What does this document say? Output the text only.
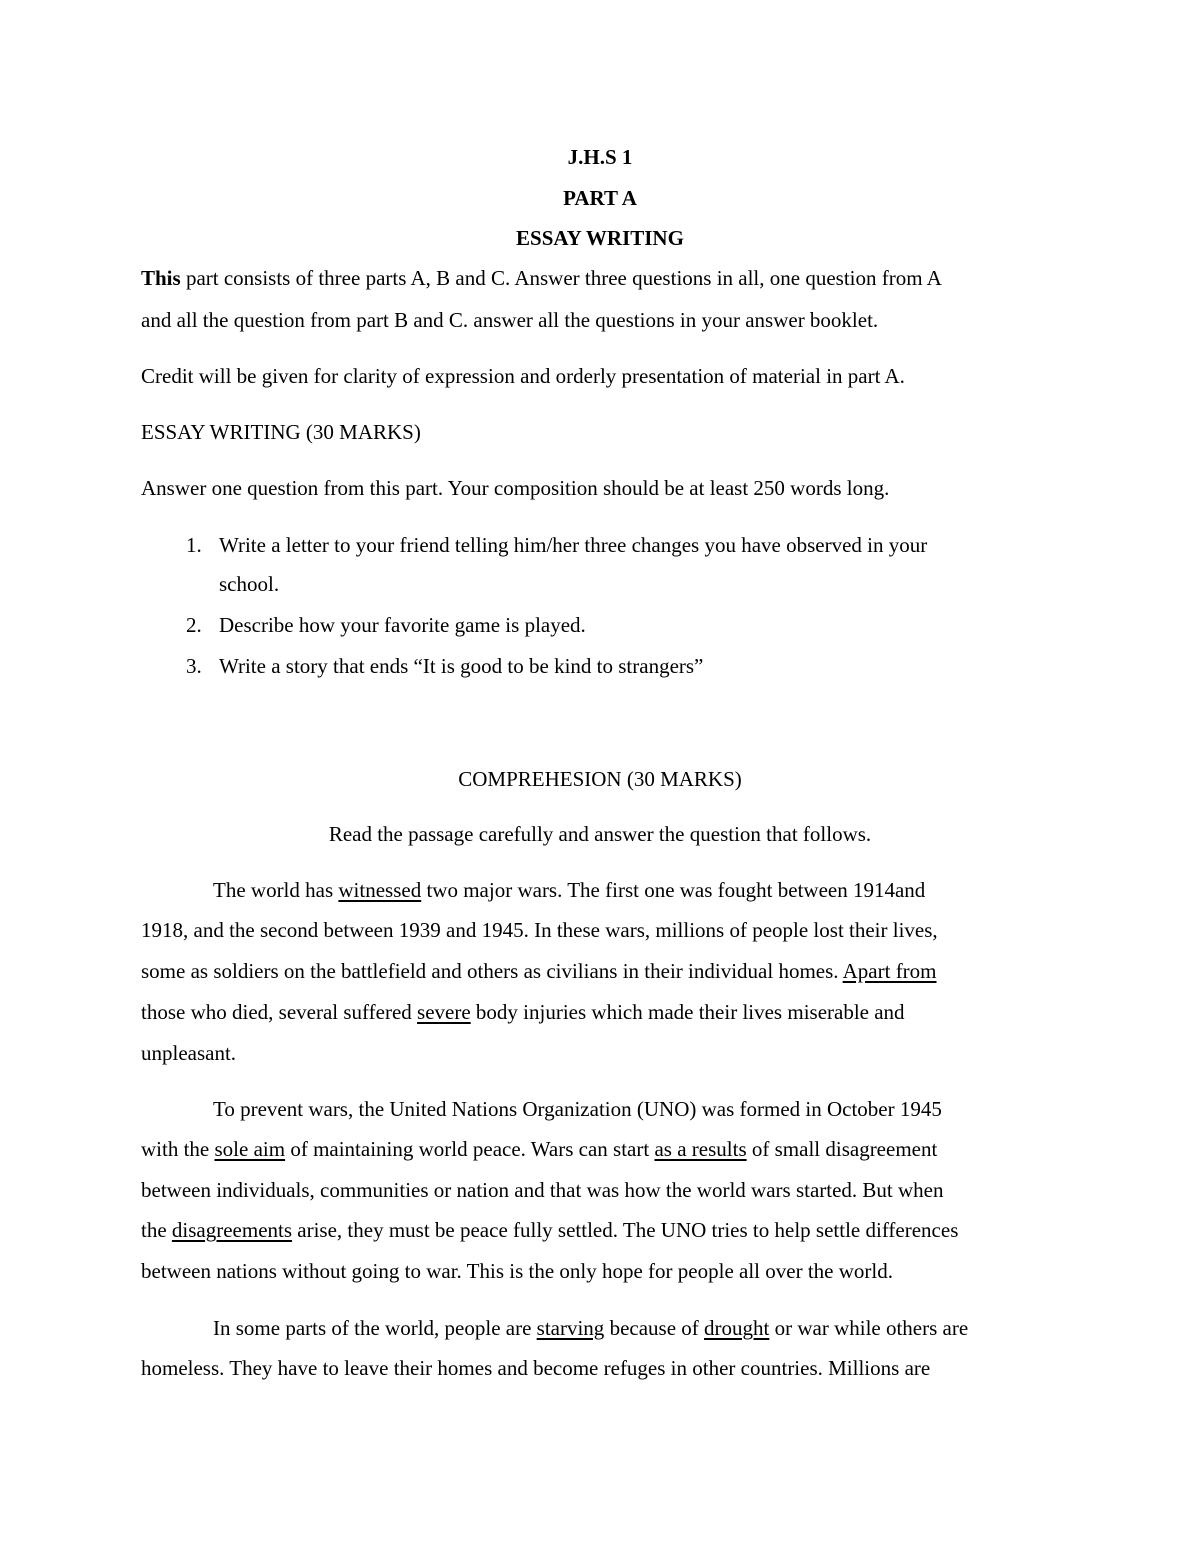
J.H.S 1
PART A
ESSAY WRITING
This part consists of three parts A, B and C. Answer three questions in all, one question from A
and all the question from part B and C. answer all the questions in your answer booklet.
Credit will be given for clarity of expression and orderly presentation of material in part A.
ESSAY WRITING (30 MARKS)
Answer one question from this part. Your composition should be at least 250 words long.
1. Write a letter to your friend telling him/her three changes you have observed in your
school.
2. Describe how your favorite game is played.
3. Write a story that ends “It is good to be kind to strangers”
COMPREHESION (30 MARKS)
Read the passage carefully and answer the question that follows.
The world has witnessed two major wars. The first one was fought between 1914and
1918, and the second between 1939 and 1945. In these wars, millions of people lost their lives,
some as soldiers on the battlefield and others as civilians in their individual homes. Apart from
those who died, several suffered severe body injuries which made their lives miserable and
unpleasant.
To prevent wars, the United Nations Organization (UNO) was formed in October 1945
with the sole aim of maintaining world peace. Wars can start as a results of small disagreement
between individuals, communities or nation and that was how the world wars started. But when
the disagreements arise, they must be peace fully settled. The UNO tries to help settle differences
between nations without going to war. This is the only hope for people all over the world.
In some parts of the world, people are starving because of drought or war while others are
homeless. They have to leave their homes and become refuges in other countries. Millions are
